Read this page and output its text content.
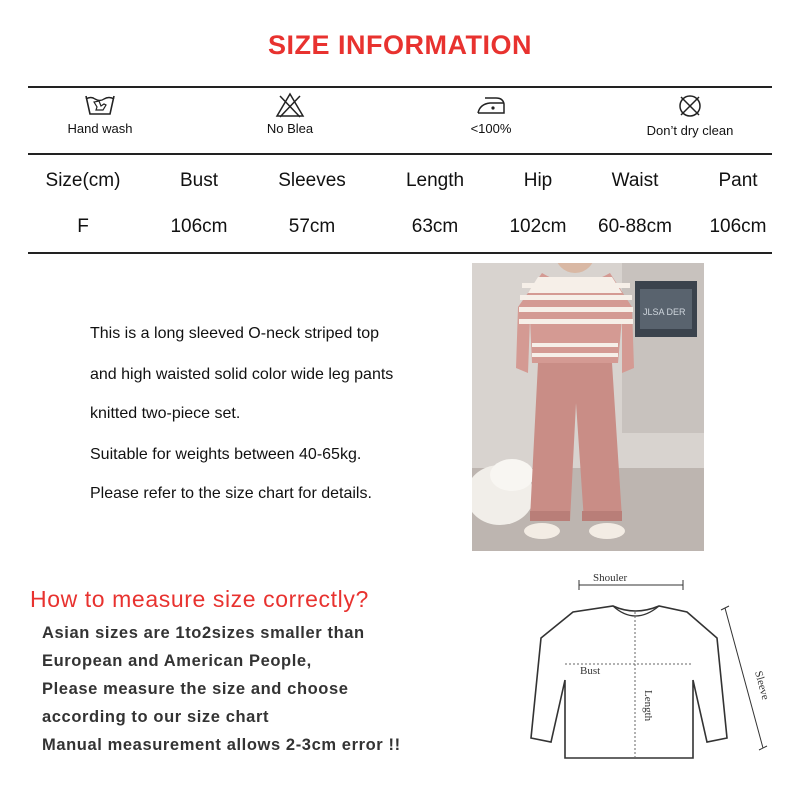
SIZE INFORMATION
Hand wash	No Blea	<100%	Don’t dry clean
Size(cm)	Bust	Sleeves	Length	Hip	Waist	Pant
F	106cm	57cm	63cm	102cm	60-88cm	106cm
JLSA DER
This is a long sleeved O-neck striped top
and high waisted solid color wide leg pants
knitted two-piece set.
Suitable for weights between 40-65kg.
Please refer to the size chart for details.
How to measure size correctly?
Asian sizes are 1to2sizes smaller than
European and American People,
Please measure the size and choose
according to our size chart
Manual measurement allows 2-3cm error !!
Shouler
Bust
Length
Sleeve
